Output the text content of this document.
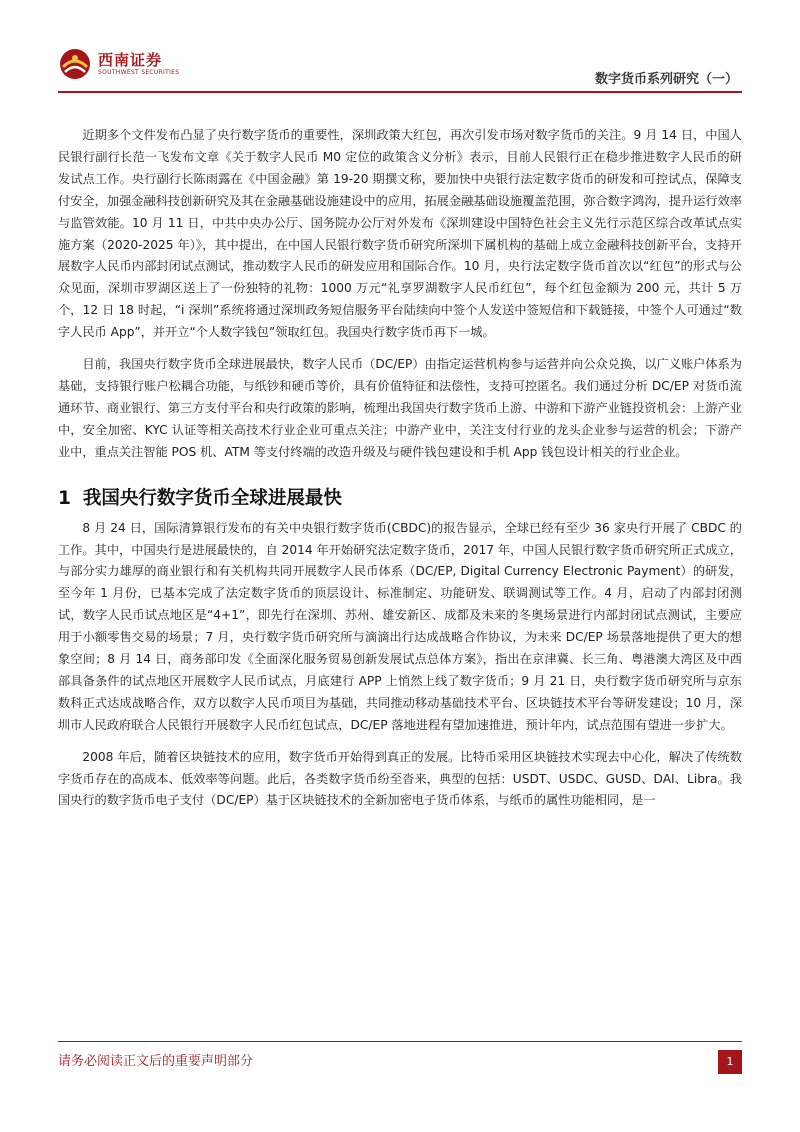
西南证券
SOUTHWEST SECURITIES	数字货币系列研究（一）

近期多个文件发布凸显了央行数字货币的重要性，深圳政策大红包，再次引发市场对数字货币的关注。9 月 14 日，中国人民银行副行长范一飞发布文章《关于数字人民币 M0 定位的政策含义分析》表示，目前人民银行正在稳步推进数字人民币的研发试点工作。央行副行长陈雨露在《中国金融》第 19-20 期撰文称，要加快中央银行法定数字货币的研发和可控试点，保障支付安全，加强金融科技创新研究及其在金融基础设施建设中的应用，拓展金融基础设施覆盖范围，弥合数字鸿沟，提升运行效率与监管效能。10 月 11 日，中共中央办公厅、国务院办公厅对外发布《深圳建设中国特色社会主义先行示范区综合改革试点实施方案（2020-2025 年）》，其中提出，在中国人民银行数字货币研究所深圳下属机构的基础上成立金融科技创新平台，支持开展数字人民币内部封闭试点测试，推动数字人民币的研发应用和国际合作。10 月，央行法定数字货币首次以“红包”的形式与公众见面，深圳市罗湖区送上了一份独特的礼物：1000 万元“礼享罗湖数字人民币红包”，每个红包金额为 200 元，共计 5 万个，12 日 18 时起，“i 深圳”系统将通过深圳政务短信服务平台陆续向中签个人发送中签短信和下载链接，中签个人可通过“数字人民币 App”，并开立“个人数字钱包”领取红包。我国央行数字货币再下一城。

目前，我国央行数字货币全球进展最快，数字人民币（DC/EP）由指定运营机构参与运营并向公众兑换，以广义账户体系为基础，支持银行账户松耦合功能，与纸钞和硬币等价，具有价值特征和法偿性，支持可控匿名。我们通过分析 DC/EP 对货币流通环节、商业银行、第三方支付平台和央行政策的影响，梳理出我国央行数字货币上游、中游和下游产业链投资机会：上游产业中，安全加密、KYC 认证等相关高技术行业企业可重点关注；中游产业中，关注支付行业的龙头企业参与运营的机会；下游产业中，重点关注智能 POS 机、ATM 等支付终端的改造升级及与硬件钱包建设和手机 App 钱包设计相关的行业企业。

1 我国央行数字货币全球进展最快

8 月 24 日，国际清算银行发布的有关中央银行数字货币(CBDC)的报告显示，全球已经有至少 36 家央行开展了 CBDC 的工作。其中，中国央行是进展最快的，自 2014 年开始研究法定数字货币，2017 年，中国人民银行数字货币研究所正式成立，与部分实力雄厚的商业银行和有关机构共同开展数字人民币体系（DC/EP, Digital Currency Electronic Payment）的研发，至今年 1 月份，已基本完成了法定数字货币的顶层设计、标准制定、功能研发、联调测试等工作。4 月，启动了内部封闭测试，数字人民币试点地区是“4+1”，即先行在深圳、苏州、雄安新区、成都及未来的冬奥场景进行内部封闭试点测试，主要应用于小额零售交易的场景；7 月，央行数字货币研究所与滴滴出行达成战略合作协议，为未来 DC/EP 场景落地提供了更大的想象空间；8 月 14 日，商务部印发《全面深化服务贸易创新发展试点总体方案》，指出在京津冀、长三角、粤港澳大湾区及中西部具备条件的试点地区开展数字人民币试点，月底建行 APP 上悄然上线了数字货币；9 月 21 日，央行数字货币研究所与京东数科正式达成战略合作，双方以数字人民币项目为基础，共同推动移动基础技术平台、区块链技术平台等研发建设；10 月，深圳市人民政府联合人民银行开展数字人民币红包试点，DC/EP 落地进程有望加速推进，预计年内，试点范围有望进一步扩大。

2008 年后，随着区块链技术的应用，数字货币开始得到真正的发展。比特币采用区块链技术实现去中心化，解决了传统数字货币存在的高成本、低效率等问题。此后，各类数字货币纷至沓来，典型的包括：USDT、USDC、GUSD、DAI、Libra。我国央行的数字货币电子支付（DC/EP）基于区块链技术的全新加密电子货币体系，与纸币的属性功能相同，是一

请务必阅读正文后的重要声明部分	1
